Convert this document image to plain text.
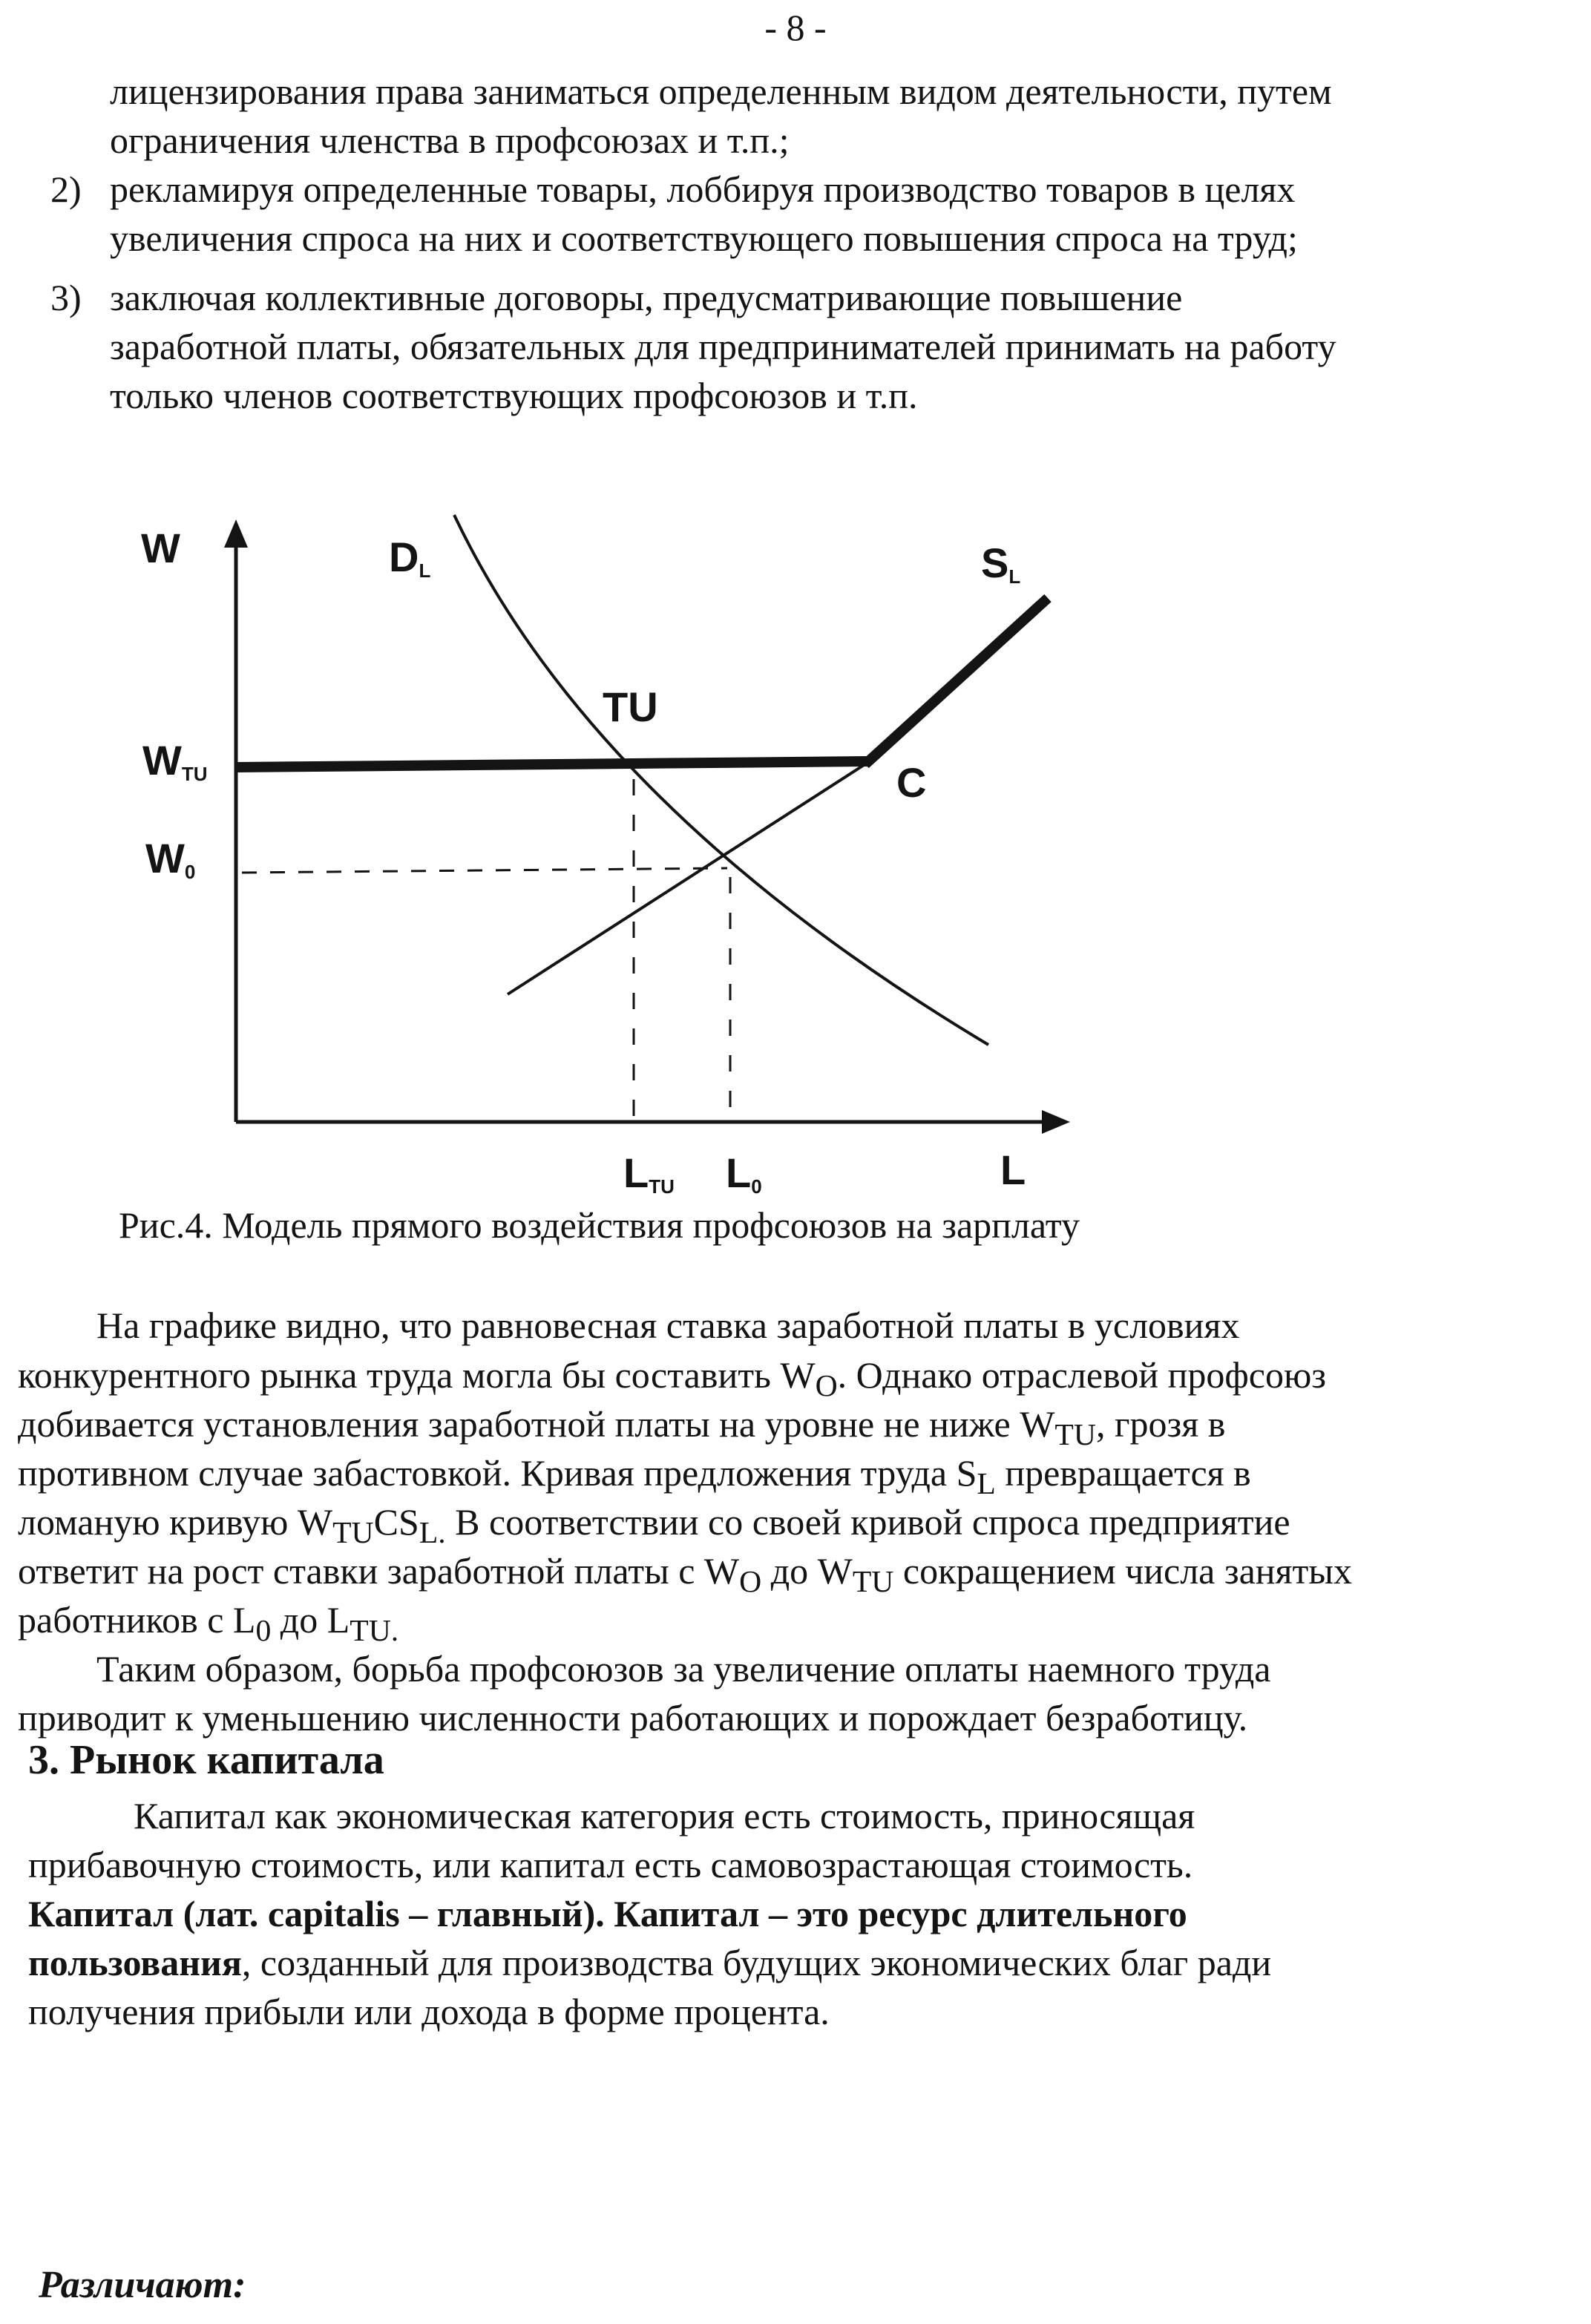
- 8 -
лицензирования права заниматься определенным видом деятельности, путем
ограничения членства в профсоюзах и т.п.;
2) рекламируя определенные товары, лоббируя производство товаров в целях
увеличения спроса на них и соответствующего повышения спроса на труд;
3) заключая коллективные договоры, предусматривающие повышение
заработной платы, обязательных для предпринимателей принимать на работу
только членов соответствующих профсоюзов и т.п.
W	DL	SL
TU
C
WTU
W0
LTU L0	L
Рис.4. Модель прямого воздействия профсоюзов на зарплату
На графике видно, что равновесная ставка заработной платы в условиях
конкурентного рынка труда могла бы составить $W_O$. Однако отраслевой профсоюз
добивается установления заработной платы на уровне не ниже $W_{TU}$, грозя в
противном случае забастовкой. Кривая предложения труда $S_L$ превращается в
ломаную кривую $W_{TU}CS_{L.}$ В соответствии со своей кривой спроса предприятие
ответит на рост ставки заработной платы с $W_O$ до $W_{TU}$ сокращением числа занятых
работников с $L_0$ до $L_{TU.}$
Таким образом, борьба профсоюзов за увеличение оплаты наемного труда
приводит к уменьшению численности работающих и порождает безработицу.
3. Рынок капитала
Капитал как экономическая категория есть стоимость, приносящая
прибавочную стоимость, или капитал есть самовозрастающая стоимость.
Капитал (лат. capitalis – главный). Капитал – это ресурс длительного
пользования, созданный для производства будущих экономических благ ради
получения прибыли или дохода в форме процента.
Различают:
